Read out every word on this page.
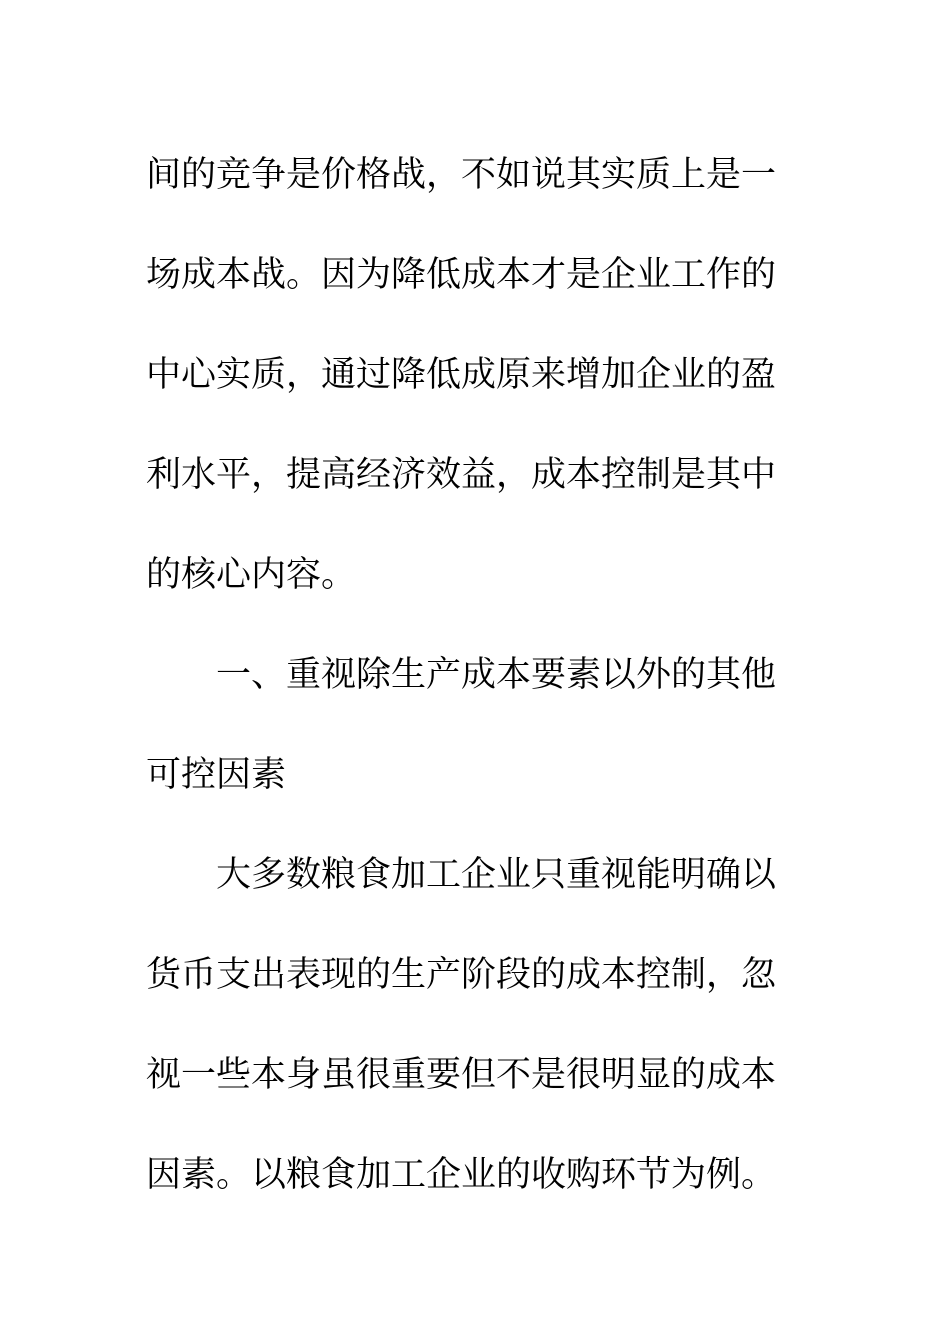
间的竞争是价格战，不如说其实质上是一
场成本战。因为降低成本才是企业工作的
中心实质，通过降低成原来增加企业的盈
利水平，提高经济效益，成本控制是其中
的核心内容。
一、重视除生产成本要素以外的其他
可控因素
大多数粮食加工企业只重视能明确以
货币支出表现的生产阶段的成本控制，忽
视一些本身虽很重要但不是很明显的成本
因素。以粮食加工企业的收购环节为例。
